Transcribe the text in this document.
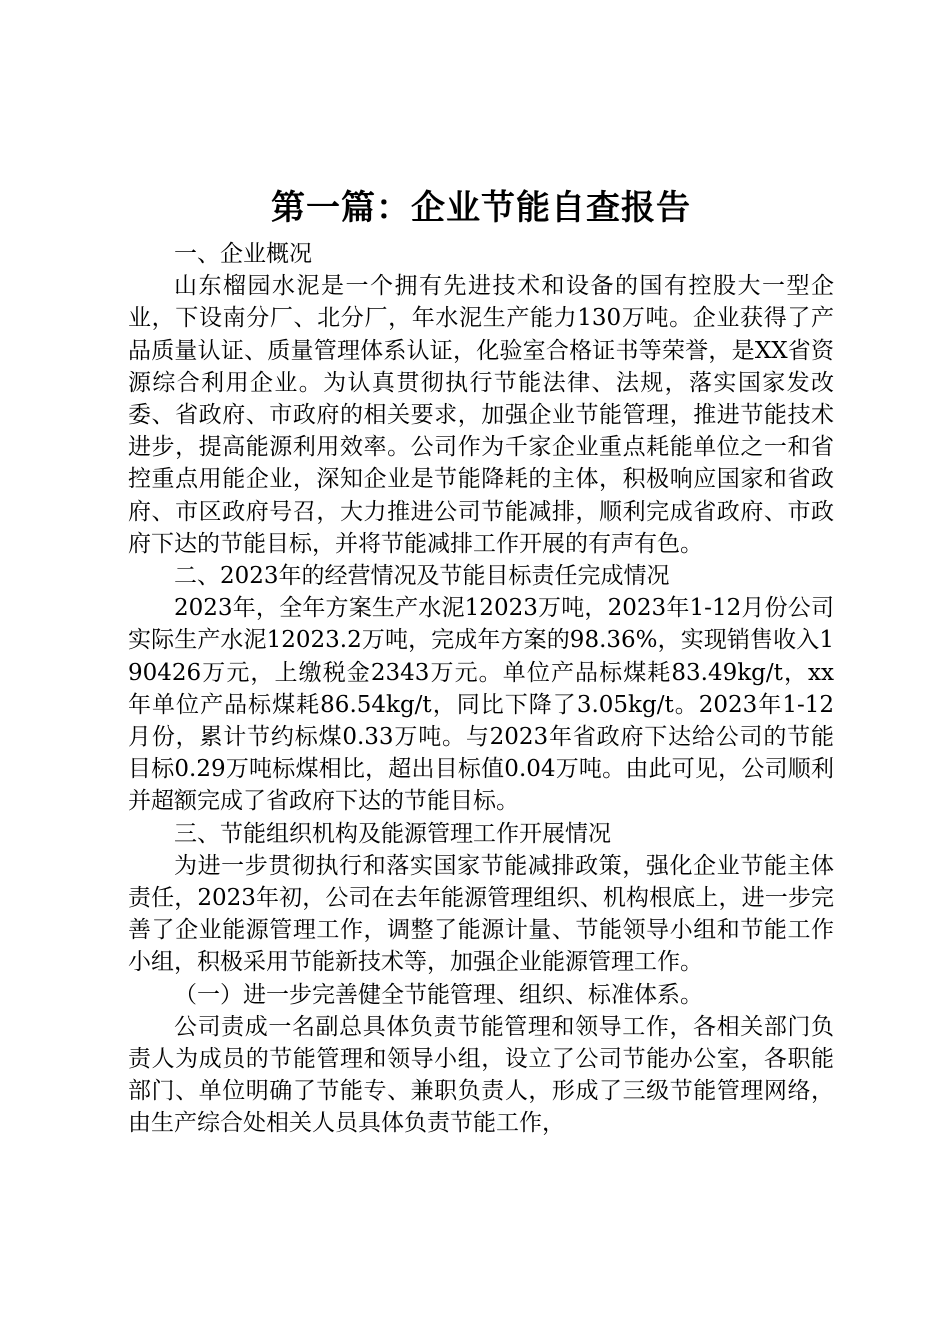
第一篇：企业节能自查报告

一、企业概况

山东榴园水泥是一个拥有先进技术和设备的国有控股大一型企业，下设南分厂、北分厂，年水泥生产能力130万吨。企业获得了产品质量认证、质量管理体系认证，化验室合格证书等荣誉，是XX省资源综合利用企业。为认真贯彻执行节能法律、法规，落实国家发改委、省政府、市政府的相关要求，加强企业节能管理，推进节能技术进步，提高能源利用效率。公司作为千家企业重点耗能单位之一和省控重点用能企业，深知企业是节能降耗的主体，积极响应国家和省政府、市区政府号召，大力推进公司节能减排，顺利完成省政府、市政府下达的节能目标，并将节能减排工作开展的有声有色。

二、2023年的经营情况及节能目标责任完成情况

2023年，全年方案生产水泥12023万吨，2023年1-12月份公司实际生产水泥12023.2万吨，完成年方案的98.36%，实现销售收入190426万元，上缴税金2343万元。单位产品标煤耗83.49kg/t，xx年单位产品标煤耗86.54kg/t，同比下降了3.05kg/t。2023年1-12月份，累计节约标煤0.33万吨。与2023年省政府下达给公司的节能目标0.29万吨标煤相比，超出目标值0.04万吨。由此可见，公司顺利并超额完成了省政府下达的节能目标。

三、节能组织机构及能源管理工作开展情况

为进一步贯彻执行和落实国家节能减排政策，强化企业节能主体责任，2023年初，公司在去年能源管理组织、机构根底上，进一步完善了企业能源管理工作，调整了能源计量、节能领导小组和节能工作小组，积极采用节能新技术等，加强企业能源管理工作。

（一）进一步完善健全节能管理、组织、标准体系。

公司责成一名副总具体负责节能管理和领导工作，各相关部门负责人为成员的节能管理和领导小组，设立了公司节能办公室，各职能部门、单位明确了节能专、兼职负责人，形成了三级节能管理网络，由生产综合处相关人员具体负责节能工作，
